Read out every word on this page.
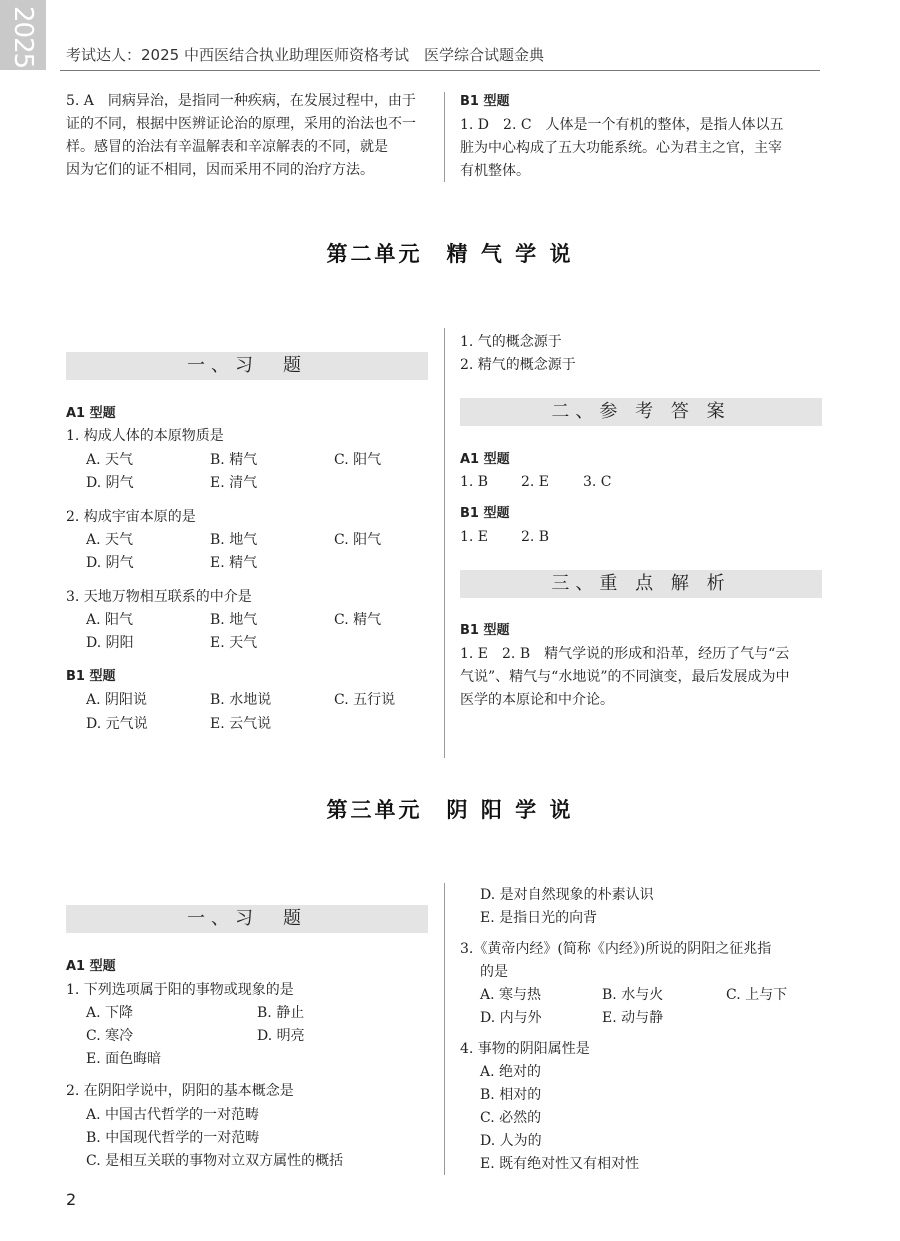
2025 考试达人：2025 中西医结合执业助理医师资格考试　医学综合试题金典
5. A　同病异治，是指同一种疾病，在发展过程中，由于
证的不同，根据中医辨证论治的原理，采用的治法也不一
样。感冒的治法有辛温解表和辛凉解表的不同，就是
因为它们的证不相同，因而采用不同的治疗方法。
B1 型题
1. D　2. C　人体是一个有机的整体，是指人体以五
脏为中心构成了五大功能系统。心为君主之官，主宰
有机整体。
第二单元　精 气 学 说
一、习　题
A1 型题
1. 构成人体的本原物质是
A. 天气	B. 精气	C. 阳气
D. 阴气	E. 清气
2. 构成宇宙本原的是
A. 天气	B. 地气	C. 阳气
D. 阴气	E. 精气
3. 天地万物相互联系的中介是
A. 阳气	B. 地气	C. 精气
D. 阴阳	E. 天气
B1 型题
A. 阴阳说	B. 水地说	C. 五行说
D. 元气说	E. 云气说
1. 气的概念源于
2. 精气的概念源于
二、参 考 答 案
A1 型题
1. B 2. E 3. C
B1 型题
1. E 2. B
三、重 点 解 析
B1 型题
1. E　2. B　精气学说的形成和沿革，经历了气与“云
气说”、精气与“水地说”的不同演变，最后发展成为中
医学的本原论和中介论。
第三单元　阴 阳 学 说
一、习　题
A1 型题
1. 下列选项属于阳的事物或现象的是
A. 下降	B. 静止
C. 寒冷	D. 明亮
E. 面色晦暗
2. 在阴阳学说中，阴阳的基本概念是
A. 中国古代哲学的一对范畴
B. 中国现代哲学的一对范畴
C. 是相互关联的事物对立双方属性的概括
D. 是对自然现象的朴素认识
E. 是指日光的向背
3.《黄帝内经》(简称《内经》)所说的阴阳之征兆指
的是
A. 寒与热	B. 水与火	C. 上与下
D. 内与外	E. 动与静
4. 事物的阴阳属性是
A. 绝对的
B. 相对的
C. 必然的
D. 人为的
E. 既有绝对性又有相对性
2
